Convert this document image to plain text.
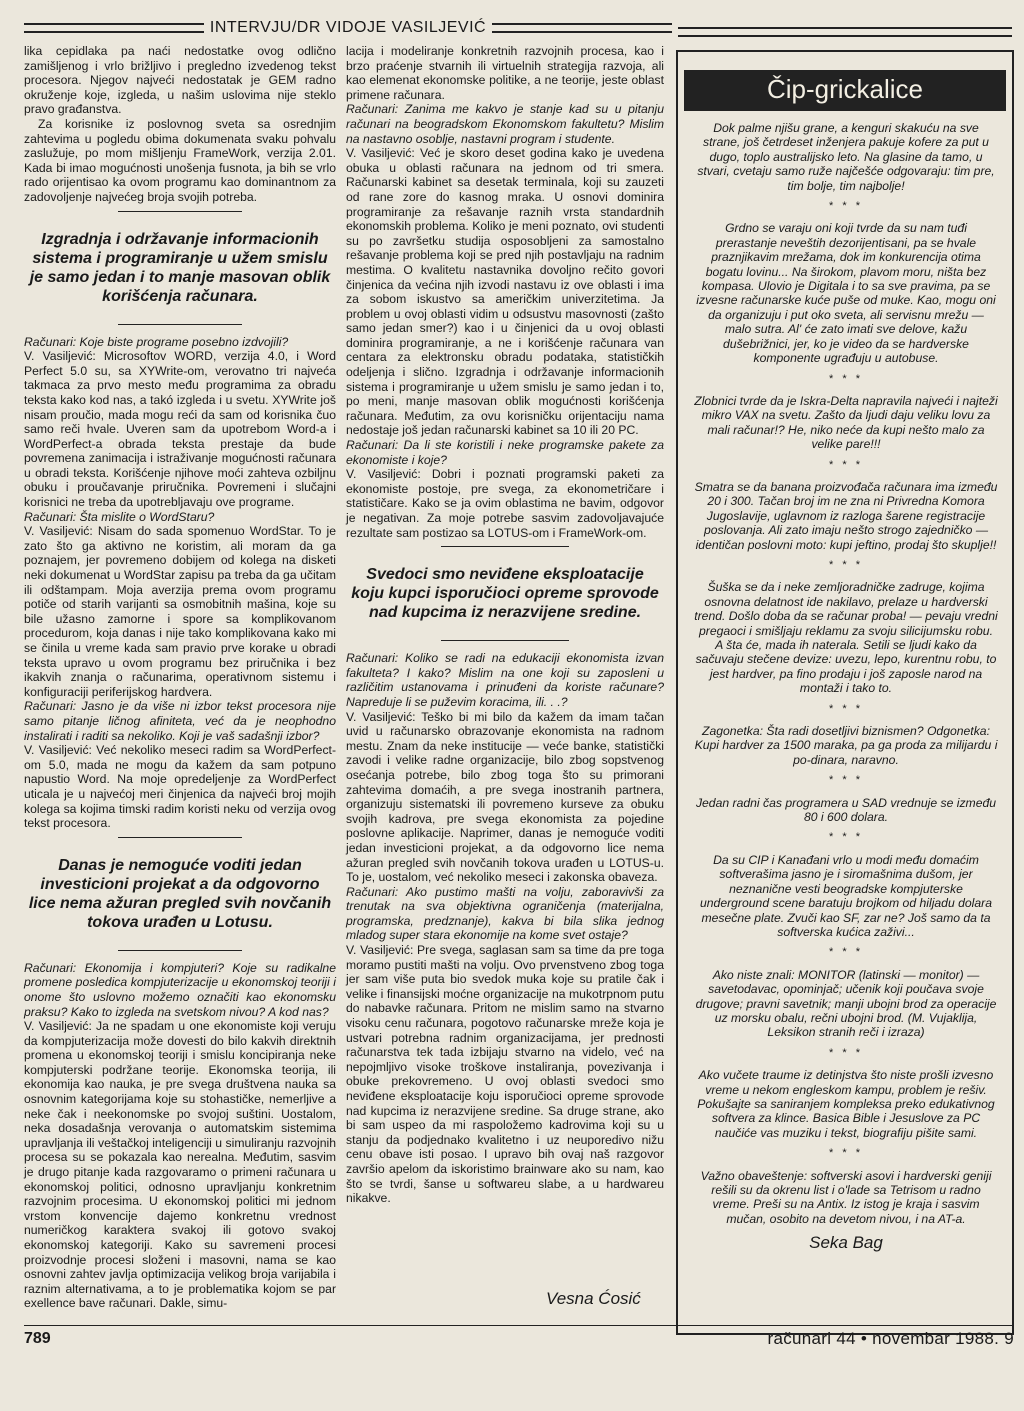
INTERVJU/DR VIDOJE VASILJEVIĆ

lika cepidlaka pa naći nedostatke ovog odlično zamišljenog i vrlo brižljivo i pregledno izvedenog tekst procesora. Njegov najveći nedostatak je GEM radno okruženje koje, izgleda, u našim uslovima nije steklo pravo građanstva.

Za korisnike iz poslovnog sveta sa osrednjim zahtevima u pogledu obima dokumenata svaku pohvalu zaslužuje, po mom mišljenju FrameWork, verzija 2.01. Kada bi imao mogućnosti unošenja fusnota, ja bih se vrlo rado orijentisao ka ovom programu kao dominantnom za zadovoljenje najvećeg broja svojih potreba.

Izgradnja i održavanje informacionih sistema i programiranje u užem smislu je samo jedan i to manje masovan oblik korišćenja računara.

Računari: Koje biste programe posebno izdvojili?

V. Vasiljević: Microsoftov WORD, verzija 4.0, i Word Perfect 5.0 su, sa XYWrite-om, verovatno tri najveća takmaca za prvo mesto među programima za obradu teksta kako kod nas, a takó izgleda i u svetu. XYWrite još nisam proučio, mada mogu reći da sam od korisnika čuo samo reči hvale. Uveren sam da upotrebom Word-a i WordPerfect-a obrada teksta prestaje da bude povremena zanimacija i istraživanje mogućnosti računara u obradi teksta. Korišćenje njihove moći zahteva ozbiljnu obuku i proučavanje priručnika. Povremeni i slučajni korisnici ne treba da upotrebljavaju ove programe.

Računari: Šta mislite o WordStaru?

V. Vasiljević: Nisam do sada spomenuo WordStar. To je zato što ga aktivno ne koristim, ali moram da ga poznajem, jer povremeno dobijem od kolega na disketi neki dokumenat u WordStar zapisu pa treba da ga učitam ili odštampam. Moja averzija prema ovom programu potiče od starih varijanti sa osmobitnih mašina, koje su bile užasno zamorne i spore sa komplikovanom procedurom, koja danas i nije tako komplikovana kako mi se činila u vreme kada sam pravio prve korake u obradi teksta upravo u ovom programu bez priručnika i bez ikakvih znanja o računarima, operativnom sistemu i konfiguraciji periferijskog hardvera.

Računari: Jasno je da više ni izbor tekst procesora nije samo pitanje ličnog afiniteta, već da je neophodno instalirati i raditi sa nekoliko. Koji je vaš sadašnji izbor?

V. Vasiljević: Već nekoliko meseci radim sa WordPerfect-om 5.0, mada ne mogu da kažem da sam potpuno napustio Word. Na moje opredeljenje za WordPerfect uticala je u najvećoj meri činjenica da najveći broj mojih kolega sa kojima timski radim koristi neku od verzija ovog tekst procesora.

Danas je nemoguće voditi jedan investicioni projekat a da odgovorno lice nema ažuran pregled svih novčanih tokova urađen u Lotusu.

Računari: Ekonomija i kompjuteri? Koje su radikalne promene posledica kompjuterizacije u ekonomskoj teoriji i onome što uslovno možemo označiti kao ekonomsku praksu? Kako to izgleda na svetskom nivou? A kod nas?

V. Vasiljević: Ja ne spadam u one ekonomiste koji veruju da kompjuterizacija može dovesti do bilo kakvih direktnih promena u ekonomskoj teoriji i smislu koncipiranja neke kompjuterski podržane teorije. Ekonomska teorija, ili ekonomija kao nauka, je pre svega društvena nauka sa osnovnim kategorijama koje su stohastičke, nemerljive a neke čak i neekonomske po svojoj suštini. Uostalom, neka dosadašnja verovanja o automatskim sistemima upravljanja ili veštačkoj inteligenciji u simuliranju razvojnih procesa su se pokazala kao nerealna. Međutim, sasvim je drugo pitanje kada razgovaramo o primeni računara u ekonomskoj politici, odnosno upravljanju konkretnim razvojnim procesima. U ekonomskoj politici mi jednom vrstom konvencije dajemo konkretnu vrednost numeričkog karaktera svakoj ili gotovo svakoj ekonomskoj kategoriji. Kako su savremeni procesi proizvodnje procesi složeni i masovni, nama se kao osnovni zahtev javlja optimizacija velikog broja varijabila i raznim alternativama, a to je problematika kojom se par exellence bave računari. Dakle, simu-

lacija i modeliranje konkretnih razvojnih procesa, kao i brzo praćenje stvarnih ili virtuelnih strategija razvoja, ali kao elemenat ekonomske politike, a ne teorije, jeste oblast primene računara.

Računari: Zanima me kakvo je stanje kad su u pitanju računari na beogradskom Ekonomskom fakultetu? Mislim na nastavno osoblje, nastavni program i studente.

V. Vasiljević: Već je skoro deset godina kako je uvedena obuka u oblasti računara na jednom od tri smera. Računarski kabinet sa desetak terminala, koji su zauzeti od rane zore do kasnog mraka. U osnovi dominira programiranje za rešavanje raznih vrsta standardnih ekonomskih problema. Koliko je meni poznato, ovi studenti su po završetku studija osposobljeni za samostalno rešavanje problema koji se pred njih postavljaju na radnim mestima. O kvalitetu nastavnika dovoljno rečito govori činjenica da većina njih izvodi nastavu iz ove oblasti i ima za sobom iskustvo sa američkim univerzitetima. Ja problem u ovoj oblasti vidim u odsustvu masovnosti (zašto samo jedan smer?) kao i u činjenici da u ovoj oblasti dominira programiranje, a ne i korišćenje računara van centara za elektronsku obradu podataka, statističkih odeljenja i slično. Izgradnja i održavanje informacionih sistema i programiranje u užem smislu je samo jedan i to, po meni, manje masovan oblik mogućnosti korišćenja računara. Međutim, za ovu korisničku orijentaciju nama nedostaje još jedan računarski kabinet sa 10 ili 20 PC.

Računari: Da li ste koristili i neke programske pakete za ekonomiste i koje?

V. Vasiljević: Dobri i poznati programski paketi za ekonomiste postoje, pre svega, za ekonometričare i statističare. Kako se ja ovim oblastima ne bavim, odgovor je negativan. Za moje potrebe sasvim zadovoljavajuće rezultate sam postizao sa LOTUS-om i FrameWork-om.

Svedoci smo neviđene eksploatacije koju kupci isporučioci opreme sprovode nad kupcima iz nerazvijene sredine.

Računari: Koliko se radi na edukaciji ekonomista izvan fakulteta? I kako? Mislim na one koji su zaposleni u različitim ustanovama i prinuđeni da koriste računare? Napreduje li se puževim koracima, ili. . .?

V. Vasiljević: Teško bi mi bilo da kažem da imam tačan uvid u računarsko obrazovanje ekonomista na radnom mestu. Znam da neke institucije — veće banke, statistički zavodi i velike radne organizacije, bilo zbog sopstvenog osećanja potrebe, bilo zbog toga što su primorani zahtevima domaćih, a pre svega inostranih partnera, organizuju sistematski ili povremeno kurseve za obuku svojih kadrova, pre svega ekonomista za pojedine poslovne aplikacije. Naprimer, danas je nemoguće voditi jedan investicioni projekat, a da odgovorno lice nema ažuran pregled svih novčanih tokova urađen u LOTUS-u. To je, uostalom, već nekoliko meseci i zakonska obaveza.

Računari: Ako pustimo mašti na volju, zaboravivši za trenutak na sva objektivna ograničenja (materijalna, programska, predznanje), kakva bi bila slika jednog mladog super stara ekonomije na kome svet ostaje?

V. Vasiljević: Pre svega, saglasan sam sa time da pre toga moramo pustiti mašti na volju. Ovo prvenstveno zbog toga jer sam više puta bio svedok muka koje su pratile čak i velike i finansijski moćne organizacije na mukotrpnom putu do nabavke računara. Pritom ne mislim samo na stvarno visoku cenu računara, pogotovo računarske mreže koja je ustvari potrebna radnim organizacijama, jer prednosti računarstva tek tada izbijaju stvarno na videlo, već na nepojmljivo visoke troškove instaliranja, povezivanja i obuke prekovremeno. U ovoj oblasti svedoci smo neviđene eksploatacije koju isporučioci opreme sprovode nad kupcima iz nerazvijene sredine. Sa druge strane, ako bi sam uspeo da mi raspoložemo kadrovima koji su u stanju da podjednako kvalitetno i uz neuporedivo nižu cenu obave isti posao. I upravo bih ovaj naš razgovor završio apelom da iskoristimo brainware ako su nam, kao što se tvrdi, šanse u softwareu slabe, a u hardwareu nikakve.

Vesna Ćosić
Čip-grickalice

Dok palme njišu grane, a kenguri skakuću na sve strane, još četrdeset inženjera pakuje kofere za put u dugo, toplo australijsko leto. Na glasine da tamo, u stvari, cvetaju samo ruže najčešće odgovaraju: tim pre, tim bolje, tim najbolje!

* * *

Grdno se varaju oni koji tvrde da su nam tuđi prerastanje neveštih dezorijentisani, pa se hvale praznjikavim mrežama, dok im konkurencija otima bogatu lovinu... Na širokom, plavom moru, ništa bez kompasa. Ulovio je Digitala i to sa sve pravima, pa se izvesne računarske kuće puše od muke. Kao, mogu oni da organizuju i put oko sveta, ali servisnu mrežu — malo sutra. Al' će zato imati sve delove, kažu dušebrižnici, jer, ko je video da se hardverske komponente ugrađuju u autobuse.

* * *

Zlobnici tvrde da je Iskra-Delta napravila najveći i najteži mikro VAX na svetu. Zašto da ljudi daju veliku lovu za mali računar!? He, niko neće da kupi nešto malo za velike pare!!!

* * *

Smatra se da banana proizvođača računara ima između 20 i 300. Tačan broj im ne zna ni Privredna Komora Jugoslavije, uglavnom iz razloga šarene registracije poslovanja. Ali zato imaju nešto strogo zajedničko — identičan poslovni moto: kupi jeftino, prodaj što skuplje!!

* * *

Šuška se da i neke zemljoradničke zadruge, kojima osnovna delatnost ide nakilavo, prelaze u hardverski trend. Došlo doba da se računar proba! — pevaju vredni pregaoci i smišljaju reklamu za svoju silicijumsku robu. A šta će, mada ih naterala. Setili se ljudi kako da sačuvaju stečene devize: uvezu, lepo, kurentnu robu, to jest hardver, pa fino prodaju i još zaposle narod na montaži i tako to.

* * *

Zagonetka: Šta radi dosetljivi biznismen? Odgonetka: Kupi hardver za 1500 maraka, pa ga proda za milijardu i po-dinara, naravno.

* * *

Jedan radni čas programera u SAD vrednuje se između 80 i 600 dolara.

* * *

Da su CIP i Kanađani vrlo u modi među domaćim softverašima jasno je i siromašnima dušom, jer neznanične vesti beogradske kompjuterske underground scene baratuju brojkom od hiljadu dolara mesečne plate. Zvuči kao SF, zar ne? Još samo da ta softverska kućica zaživi...

* * *

Ako niste znali: MONITOR (latinski — monitor) — savetodavac, opominjač; učenik koji poučava svoje drugove; pravni savetnik; manji ubojni brod za operacije uz morsku obalu, rečni ubojni brod. (M. Vujaklija, Leksikon stranih reči i izraza)

* * *

Ako vučete traume iz detinjstva što niste prošli izvesno vreme u nekom engleskom kampu, problem je rešiv. Pokušajte sa saniranjem kompleksa preko edukativnog softvera za klince. Basica Bible i Jesuslove za PC naučiće vas muziku i tekst, biografiju pišite sami.

* * *

Važno obaveštenje: softverski asovi i hardverski geniji rešili su da okrenu list i o'lade sa Tetrisom u radno vreme. Preši su na Antix. Iz istog je kraja i sasvim mučan, osobito na devetom nivou, i na AT-a.

Seka Bag
789	računari 44 • novembar 1988. 9
